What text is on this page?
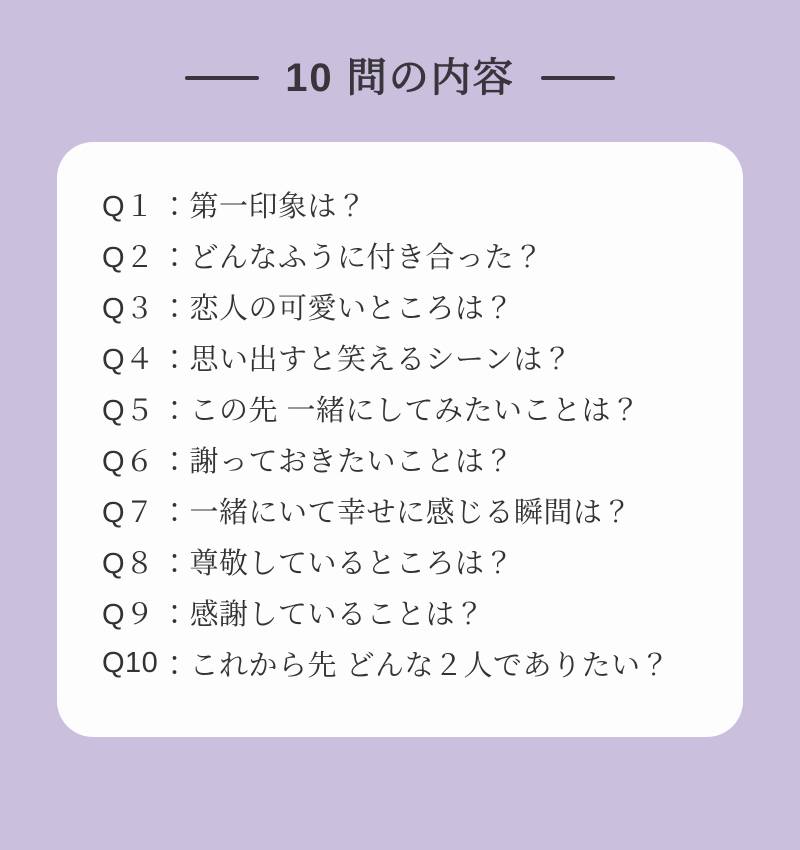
10 問の内容
Q１ ：第一印象は？
Q２ ：どんなふうに付き合った？
Q３ ：恋人の可愛いところは？
Q４ ：思い出すと笑えるシーンは？
Q５ ：この先 一緒にしてみたいことは？
Q６ ：謝っておきたいことは？
Q７ ：一緒にいて幸せに感じる瞬間は？
Q８ ：尊敬しているところは？
Q９ ：感謝していることは？
Q10 ：これから先 どんな２人でありたい？
